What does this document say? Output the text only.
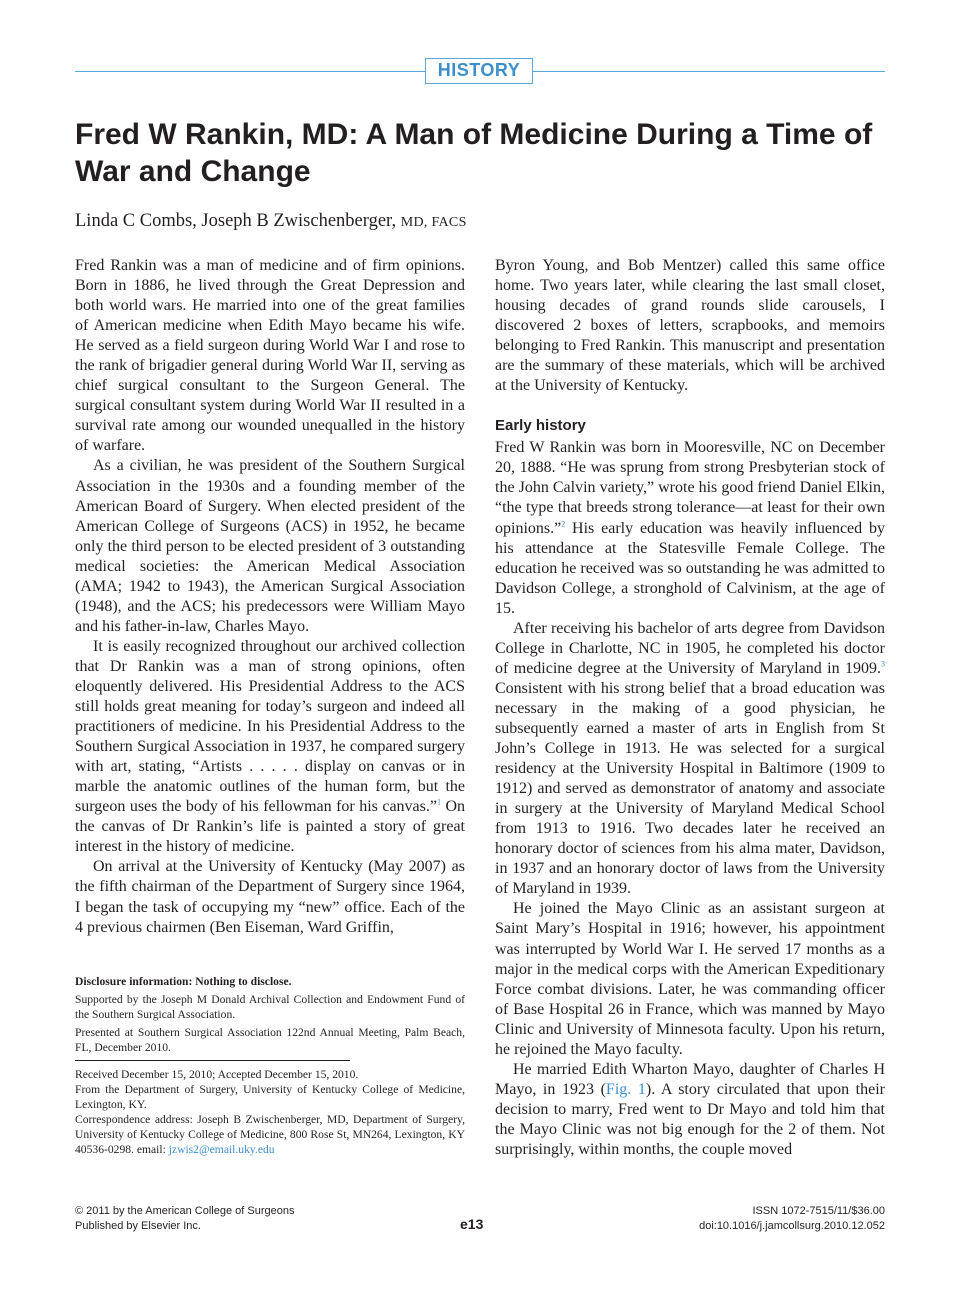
HISTORY
Fred W Rankin, MD: A Man of Medicine During a Time of War and Change
Linda C Combs, Joseph B Zwischenberger, MD, FACS

Fred Rankin was a man of medicine and of firm opinions. Born in 1886, he lived through the Great Depression and both world wars. He married into one of the great families of American medicine when Edith Mayo became his wife. He served as a field surgeon during World War I and rose to the rank of brigadier general during World War II, serving as chief surgical consultant to the Surgeon General. The surgical consultant system during World War II resulted in a survival rate among our wounded unequalled in the history of warfare.

As a civilian, he was president of the Southern Surgical Association in the 1930s and a founding member of the American Board of Surgery. When elected president of the American College of Surgeons (ACS) in 1952, he became only the third person to be elected president of 3 outstanding medical societies: the American Medical Association (AMA; 1942 to 1943), the American Surgical Association (1948), and the ACS; his predecessors were William Mayo and his father-in-law, Charles Mayo.

It is easily recognized throughout our archived collection that Dr Rankin was a man of strong opinions, often eloquently delivered. His Presidential Address to the ACS still holds great meaning for today’s surgeon and indeed all practitioners of medicine. In his Presidential Address to the Southern Surgical Association in 1937, he compared surgery with art, stating, “Artists . . . . . display on canvas or in marble the anatomic outlines of the human form, but the surgeon uses the body of his fellowman for his canvas.”$^1$ On the canvas of Dr Rankin’s life is painted a story of great interest in the history of medicine.

On arrival at the University of Kentucky (May 2007) as the fifth chairman of the Department of Surgery since 1964, I began the task of occupying my “new” office. Each of the 4 previous chairmen (Ben Eiseman, Ward Griffin,

Byron Young, and Bob Mentzer) called this same office home. Two years later, while clearing the last small closet, housing decades of grand rounds slide carousels, I discovered 2 boxes of letters, scrapbooks, and memoirs belonging to Fred Rankin. This manuscript and presentation are the summary of these materials, which will be archived at the University of Kentucky.

Early history

Fred W Rankin was born in Mooresville, NC on December 20, 1888. “He was sprung from strong Presbyterian stock of the John Calvin variety,” wrote his good friend Daniel Elkin, “the type that breeds strong tolerance—at least for their own opinions.”$^2$ His early education was heavily influenced by his attendance at the Statesville Female College. The education he received was so outstanding he was admitted to Davidson College, a stronghold of Calvinism, at the age of 15.

After receiving his bachelor of arts degree from Davidson College in Charlotte, NC in 1905, he completed his doctor of medicine degree at the University of Maryland in 1909.$^3$ Consistent with his strong belief that a broad education was necessary in the making of a good physician, he subsequently earned a master of arts in English from St John’s College in 1913. He was selected for a surgical residency at the University Hospital in Baltimore (1909 to 1912) and served as demonstrator of anatomy and associate in surgery at the University of Maryland Medical School from 1913 to 1916. Two decades later he received an honorary doctor of sciences from his alma mater, Davidson, in 1937 and an honorary doctor of laws from the University of Maryland in 1939.

He joined the Mayo Clinic as an assistant surgeon at Saint Mary’s Hospital in 1916; however, his appointment was interrupted by World War I. He served 17 months as a major in the medical corps with the American Expeditionary Force combat divisions. Later, he was commanding officer of Base Hospital 26 in France, which was manned by Mayo Clinic and University of Minnesota faculty. Upon his return, he rejoined the Mayo faculty.

He married Edith Wharton Mayo, daughter of Charles H Mayo, in 1923 (Fig. 1). A story circulated that upon their decision to marry, Fred went to Dr Mayo and told him that the Mayo Clinic was not big enough for the 2 of them. Not surprisingly, within months, the couple moved

Disclosure information: Nothing to disclose.

Supported by the Joseph M Donald Archival Collection and Endowment Fund of the Southern Surgical Association.

Presented at Southern Surgical Association 122nd Annual Meeting, Palm Beach, FL, December 2010.

Received December 15, 2010; Accepted December 15, 2010.

From the Department of Surgery, University of Kentucky College of Medicine, Lexington, KY.

Correspondence address: Joseph B Zwischenberger, MD, Department of Surgery, University of Kentucky College of Medicine, 800 Rose St, MN264, Lexington, KY 40536-0298. email: jzwis2@email.uky.edu

© 2011 by the American College of Surgeons
Published by Elsevier Inc.	e13
ISSN 1072-7515/11/$36.00
doi:10.1016/j.jamcollsurg.2010.12.052
